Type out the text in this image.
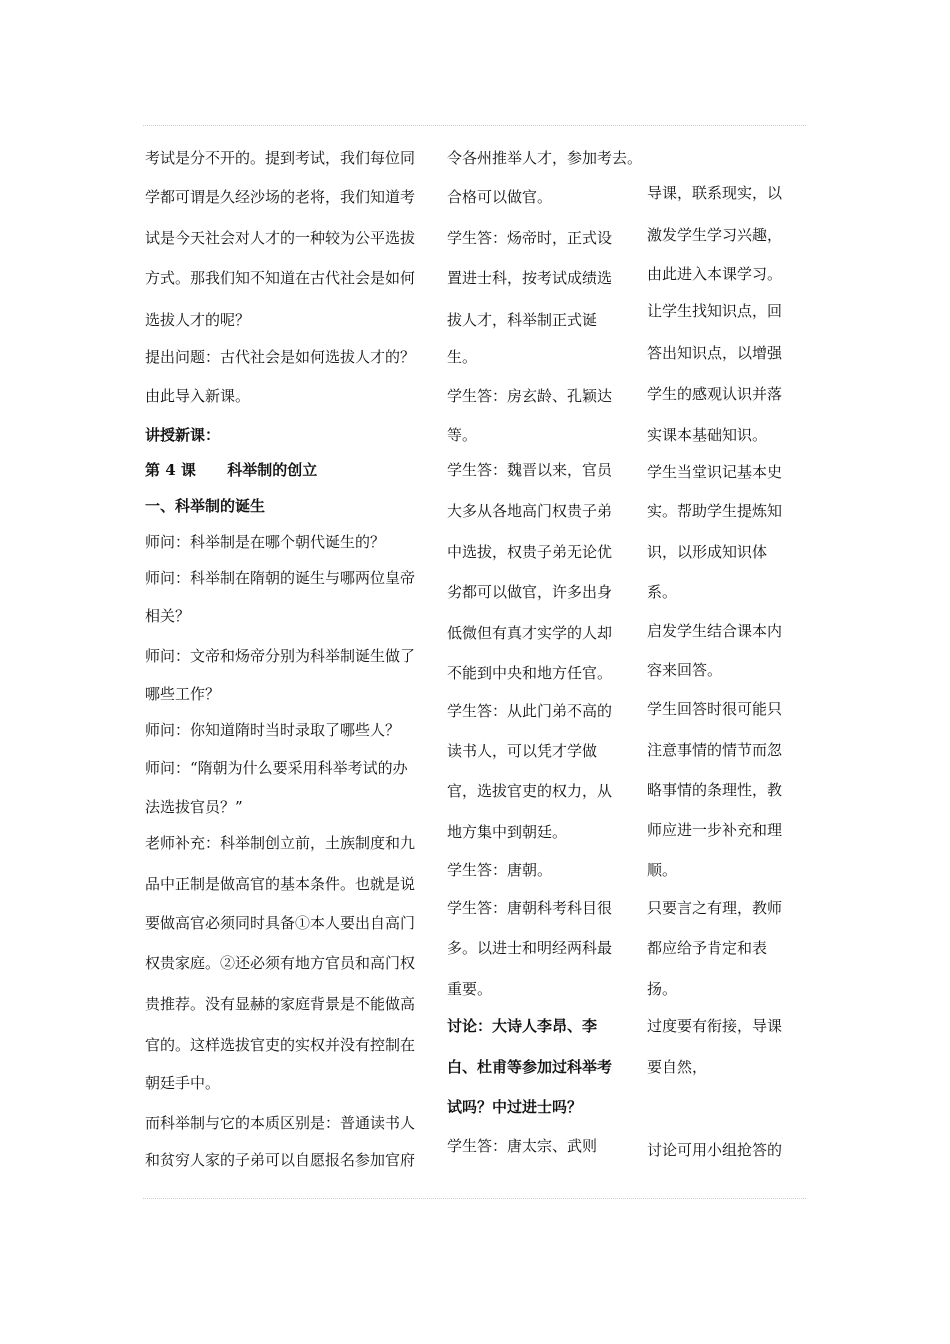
考试是分不开的。提到考试，我们每位同
学都可谓是久经沙场的老将，我们知道考
试是今天社会对人才的一种较为公平选拔
方式。那我们知不知道在古代社会是如何
选拔人才的呢？
提出问题：古代社会是如何选拔人才的？
由此导入新课。
讲授新课：
第 4 课      科举制的创立
一、科举制的诞生
师问：科举制是在哪个朝代诞生的？
师问：科举制在隋朝的诞生与哪两位皇帝
相关？
师问：文帝和炀帝分别为科举制诞生做了
哪些工作？
师问：你知道隋时当时录取了哪些人？
师问：“隋朝为什么要采用科举考试的办
法选拔官员？”
老师补充：科举制创立前，土族制度和九
品中正制是做高官的基本条件。也就是说
要做高官必须同时具备①本人要出自高门
权贵家庭。②还必须有地方官员和高门权
贵推荐。没有显赫的家庭背景是不能做高
官的。这样选拔官吏的实权并没有控制在
朝廷手中。
而科举制与它的本质区别是：普通读书人
和贫穷人家的子弟可以自愿报名参加官府
令各州推举人才，参加考去。
合格可以做官。
学生答：炀帝时，正式设
置进士科，按考试成绩选
拔人才，科举制正式诞
生。
学生答：房玄龄、孔颖达
等。
学生答：魏晋以来，官员
大多从各地高门权贵子弟
中选拔，权贵子弟无论优
劣都可以做官，许多出身
低微但有真才实学的人却
不能到中央和地方任官。
学生答：从此门弟不高的
读书人，可以凭才学做
官，选拔官吏的权力，从
地方集中到朝廷。
学生答：唐朝。
学生答：唐朝科考科目很
多。以进士和明经两科最
重要。
讨论：大诗人李昂、李
白、杜甫等参加过科举考
试吗？中过进士吗？
学生答：唐太宗、武则
导课，联系现实，以
激发学生学习兴趣，
由此进入本课学习。
让学生找知识点，回
答出知识点，以增强
学生的感观认识并落
实课本基础知识。
学生当堂识记基本史
实。帮助学生提炼知
识，以形成知识体
系。
启发学生结合课本内
容来回答。
学生回答时很可能只
注意事情的情节而忽
略事情的条理性，教
师应进一步补充和理
顺。
只要言之有理，教师
都应给予肯定和表
扬。
过度要有衔接，导课
要自然，
讨论可用小组抢答的
